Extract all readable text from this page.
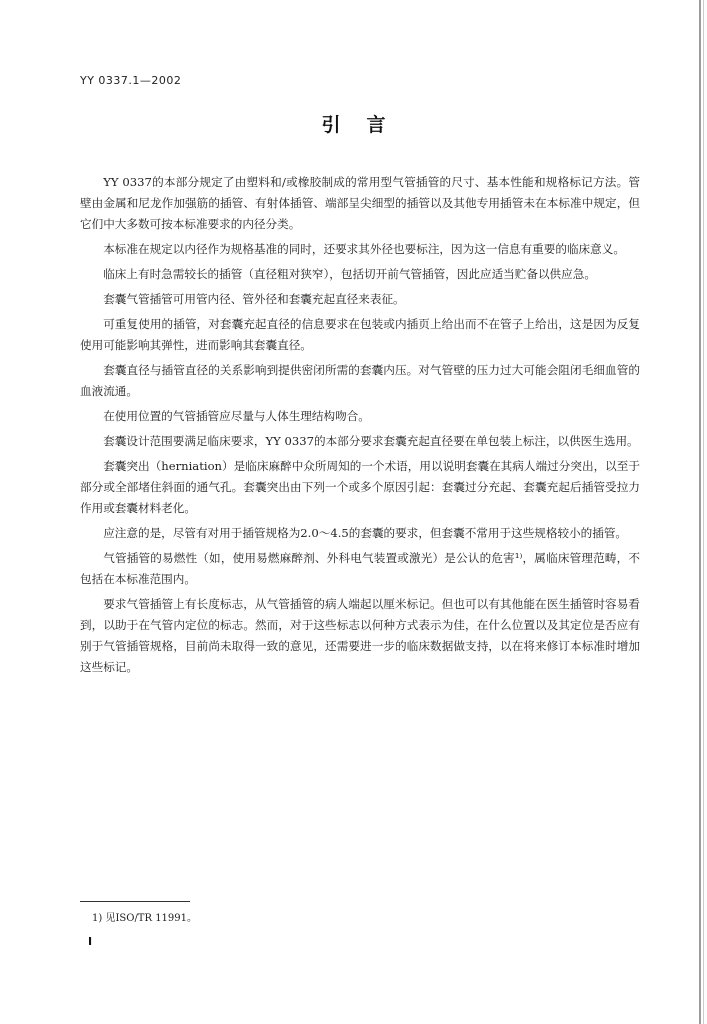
YY 0337.1—2002
引言

YY 0337的本部分规定了由塑料和/或橡胶制成的常用型气管插管的尺寸、基本性能和规格标记方法。管壁由金属和尼龙作加强筋的插管、有射体插管、端部呈尖细型的插管以及其他专用插管未在本标准中规定，但它们中大多数可按本标准要求的内径分类。

本标准在规定以内径作为规格基准的同时，还要求其外径也要标注，因为这一信息有重要的临床意义。

临床上有时急需较长的插管（直径粗对狭窄），包括切开前气管插管，因此应适当贮备以供应急。

套囊气管插管可用管内径、管外径和套囊充起直径来表征。

可重复使用的插管，对套囊充起直径的信息要求在包装或内插页上给出而不在管子上给出，这是因为反复使用可能影响其弹性，进而影响其套囊直径。

套囊直径与插管直径的关系影响到提供密闭所需的套囊内压。对气管壁的压力过大可能会阻闭毛细血管的血液流通。

在使用位置的气管插管应尽量与人体生理结构吻合。

套囊设计范围要满足临床要求，YY 0337的本部分要求套囊充起直径要在单包装上标注，以供医生选用。

套囊突出（herniation）是临床麻醉中众所周知的一个术语，用以说明套囊在其病人端过分突出，以至于部分或全部堵住斜面的通气孔。套囊突出由下列一个或多个原因引起：套囊过分充起、套囊充起后插管受拉力作用或套囊材料老化。

应注意的是，尽管有对用于插管规格为2.0～4.5的套囊的要求，但套囊不常用于这些规格较小的插管。

气管插管的易燃性（如，使用易燃麻醉剂、外科电气装置或激光）是公认的危害¹⁾，属临床管理范畴，不包括在本标准范围内。

要求气管插管上有长度标志，从气管插管的病人端起以厘米标记。但也可以有其他能在医生插管时容易看到，以助于在气管内定位的标志。然而，对于这些标志以何种方式表示为佳，在什么位置以及其定位是否应有别于气管插管规格，目前尚未取得一致的意见，还需要进一步的临床数据做支持，以在将来修订本标准时增加这些标记。

1) 见ISO/TR 11991。
I
